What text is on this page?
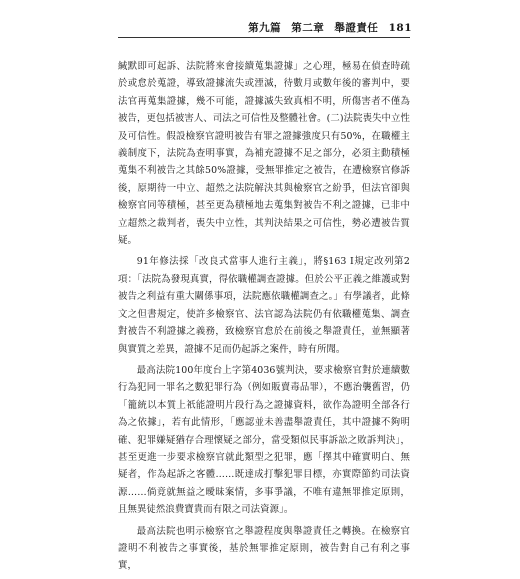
第九篇 第二章 舉證責任 181

緘默即可起訴、法院將來會接續蒐集證據」之心理，極易在偵查時疏於或怠於蒐證，導致證據流失或湮滅，待數月或數年後的審判中，要法官再蒐集證據，幾不可能，證據滅失致真相不明，所傷害者不僅為被告，更包括被害人、司法之可信性及整體社會。(二)法院喪失中立性及可信性。假設檢察官證明被告有罪之證據強度只有50%，在職權主義制度下，法院為查明事實，為補充證據不足之部分，必須主動積極蒐集不利被告之其餘50%證據，受無罪推定之被告，在遭檢察官修訴後，原期待一中立、超然之法院解決其與檢察官之紛爭，但法官卻與檢察官同等積極，甚至更為積極地去蒐集對被告不利之證據，已非中立超然之裁判者，喪失中立性，其判決結果之可信性，勢必遭被告質疑。

91年修法採「改良式當事人進行主義」，將§163 I規定改列第2項：「法院為發現真實，得依職權調查證據。但於公平正義之維護或對被告之利益有重大關係事項，法院應依職權調查之。」有學議者，此條文之但書規定，使許多檢察官、法官認為法院仍有依職權蒐集、調查對被告不利證據之義務，致檢察官怠於在前後之舉證責任，並無顯著與實質之差異，證據不足而仍起訴之案件，時有所聞。

最高法院100年度台上字第4036號判決，要求檢察官對於連續數行為犯同一罪名之數犯罪行為（例如販賣毒品罪），不應治襲舊習，仍「籠統以本質上祇能證明片段行為之證據資料，欲作為證明全部各行為之依據」，若有此情形，「應認並未善盡舉證責任，其中證據不夠明確、犯罪嫌疑猶存合理懷疑之部分，當受類似民事訴訟之敗訴判決」，甚至更進一步要求檢察官就此類型之犯罪，應「擇其中確實明白、無疑者，作為起訴之客體……既達成打擊犯罪目標，亦實際節約司法資源……倘竟就無益之曖昧案情，多事爭議，不唯有違無罪推定原則，且無異徒然浪費寶貴而有限之司法資源」。

最高法院也明示檢察官之舉證程度與舉證責任之轉換。在檢察官證明不利被告之事實後，基於無罪推定原則，被告對自己有利之事實，
